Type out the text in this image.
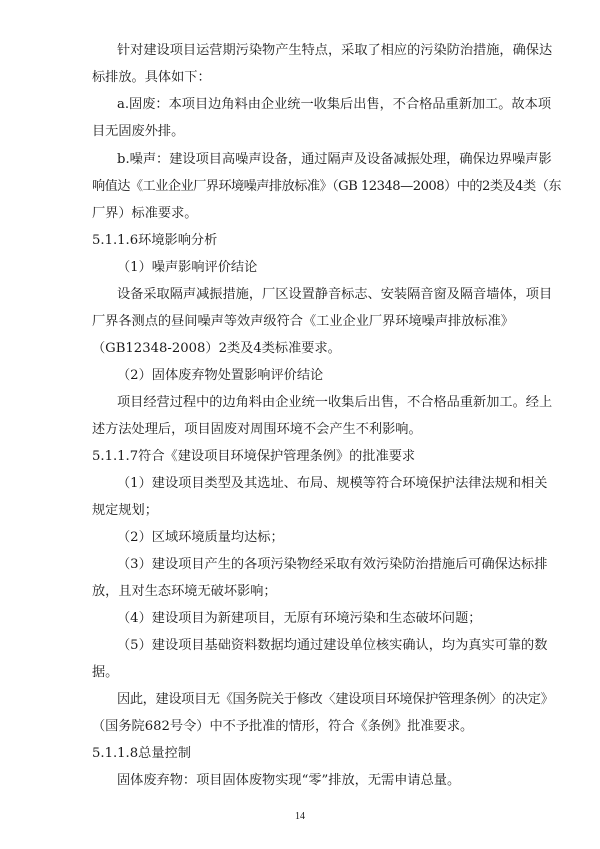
针对建设项目运营期污染物产生特点，采取了相应的污染防治措施，确保达

标排放。具体如下：

a.固废：本项目边角料由企业统一收集后出售，不合格品重新加工。故本项

目无固废外排。

b.噪声：建设项目高噪声设备，通过隔声及设备减振处理，确保边界噪声影

响值达《工业企业厂界环境噪声排放标准》（GB 12348—2008）中的2类及4类（东

厂界）标准要求。

5.1.1.6环境影响分析

（1）噪声影响评价结论

设备采取隔声减振措施，厂区设置静音标志、安装隔音窗及隔音墙体，项目

厂界各测点的昼间噪声等效声级符合《工业企业厂界环境噪声排放标准》

（GB12348-2008）2类及4类标准要求。

（2）固体废弃物处置影响评价结论

项目经营过程中的边角料由企业统一收集后出售，不合格品重新加工。经上

述方法处理后，项目固废对周围环境不会产生不利影响。

5.1.1.7符合《建设项目环境保护管理条例》的批准要求

（1）建设项目类型及其选址、布局、规模等符合环境保护法律法规和相关

规定规划；

（2）区域环境质量均达标；

（3）建设项目产生的各项污染物经采取有效污染防治措施后可确保达标排

放，且对生态环境无破坏影响；

（4）建设项目为新建项目，无原有环境污染和生态破坏问题；

（5）建设项目基础资料数据均通过建设单位核实确认，均为真实可靠的数

据。

因此，建设项目无《国务院关于修改〈建设项目环境保护管理条例〉的决定》

（国务院682号令）中不予批准的情形，符合《条例》批准要求。

5.1.1.8总量控制

固体废弃物：项目固体废物实现“零”排放，无需申请总量。

14
